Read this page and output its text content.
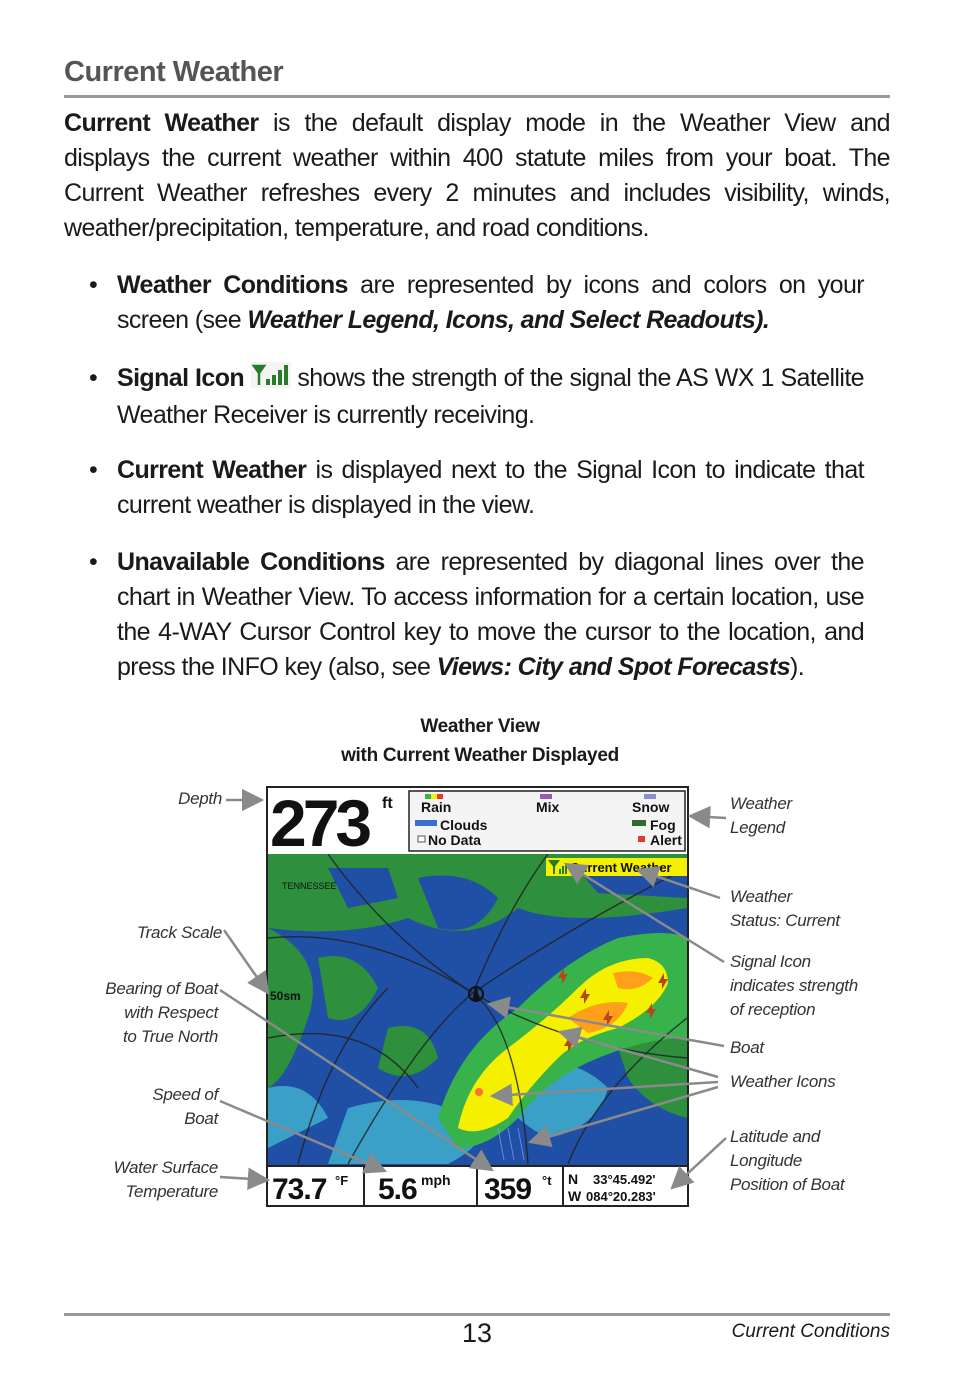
Current Weather
Current Weather is the default display mode in the Weather View and displays the current weather within 400 statute miles from your boat. The Current Weather refreshes every 2 minutes and includes visibility, winds, weather/precipitation, temperature, and road conditions.
• Weather Conditions are represented by icons and colors on your screen (see Weather Legend, Icons, and Select Readouts).
• Signal Icon  shows the strength of the signal the AS WX 1 Satellite Weather Receiver is currently receiving.
• Current Weather is displayed next to the Signal Icon to indicate that current weather is displayed in the view.
• Unavailable Conditions are represented by diagonal lines over the chart in Weather View. To access information for a certain location, use the 4-WAY Cursor Control key to move the cursor to the location, and press the INFO key (also, see Views: City and Spot Forecasts).
Weather View
with Current Weather Displayed
Depth
Track Scale
Bearing of Boat
with Respect
to True North
Speed of
Boat
Water Surface
Temperature
Weather
Legend
Weather
Status: Current
Signal Icon
indicates strength
of reception
Boat
Weather Icons
Latitude and
Longitude
Position of Boat
TENNESSEE
50sm
273 ft Rain	Mix	Snow
Clouds	Fog
No Data	Alert
Current Weather
73.7 °F 5.6 mph 359 °t N 33°45.492'
W 084°20.283'
13	Current Conditions
